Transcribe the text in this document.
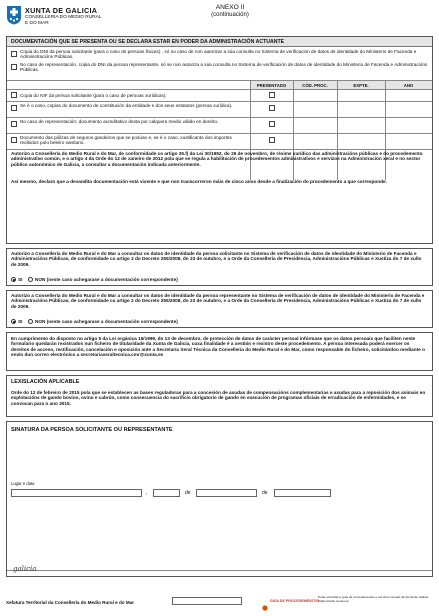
XUNTA DE GALICIA
CONSELLERÍA DO MEDIO RURAL
E DO MAR
ANEXO II
(continuación)
DOCUMENTACIÓN QUE SE PRESENTA OU SE DECLARA ESTAR EN PODER DA ADMINISTRACIÓN ACTUANTE
Copia do DNI da persoa solicitante (para o caso de persoas físicas) , só no caso de non autorizar a súa consulta no Sistema de verificación de datos de identidade do Ministerio de Facenda e Administracións Públicas.
No caso de representación, copia do DNI da persoa representante, só se non autoriza a súa consulta no Sistema de verificación de datos de identidade do Ministerio de Facenda e Administracións Públicas.
PRESENTADO	CÓD. PROC.	EXPTE.	ANO
Copia do NIF da persoa solicitante (para o caso de persoas xurídicas).
Se é o caso, copias do documento de constitución da entidade e dos seus estatutos (persoa xurídica).
No caso de representación: documento acreditativo desta por calquera medio válido en dereito.
Documento das pólizas de seguros gandeiros que se posúan e, se é o caso, xustificante dos importes recibidos polo beleiro sanitario.
Autorizo a Consellería do Medio Rural e do Mar, de conformidade co artigo 35.f) da Lei 30/1992, do 26 de novembro, de réxime xurídico das administracións públicas e do procedemento administrativo común, e o artigo 4 da Orde do 12 de xaneiro de 2012 pola que se regula a habilitación de procedementos administrativos e servizos na Administración xeral e no sector público autonómico de Galicia, a consultar a documentación indicada anteriormente.
Así mesmo, declaro que a devandita documentación está vixente e que non transcorreron máis de cinco anos desde a finalización do procedemento a que corresponde.
Autorizo a Consellería do Medio Rural e do Mar a consultar os datos de identidade da persoa solicitante no Sistema de verificación de datos de identidade do Ministerio de Facenda e Administracións Públicas, de conformidade co artigo 2 do Decreto 255/2008, do 23 de outubro, e a Orde da Consellería de Presidencia, Administracións Públicas e Xustiza do 7 de xullo de 2009.
SI	NON (neste caso achegarase a documentación correspondente)
Autorizo a Consellería do Medio Rural e do Mar a consultar os datos de identidade da persoa representante no Sistema de verificación de datos de identidade do Ministerio de Facenda e Administracións Públicas, de conformidade co artigo 2 do Decreto 255/2008, do 23 de outubro, e a Orde da Consellería de Presidencia, Administracións Públicas e Xustiza do 7 de xullo de 2009.
SI	NON (neste caso achegarase a documentación correspondente)
En cumprimento do disposto no artigo 5 da Lei orgánica 15/1999, do 13 de decembro, de protección de datos de carácter persoal infórmase que os datos persoais que faciliten neste formulario quedarán rexistrados nun ficheiro de titularidade da Xunta de Galicia, cuxa finalidade é a xestión e rexistro deste procedemento. A persoa interesada poderá exercer os dereitos de acceso, rectificación, cancelación e oposición ante a Secretaría Xeral Técnica da Consellería do Medio Rural e do Mar, como responsable do ficheiro, solicitándoo mediante o envío dun correo electrónico a secretariaxeraltecnica.cmr@xunta.es
LEXISLACIÓN APLICABLE
Orde do 12 de febreiro de 2015 pola que se establecen as bases reguladoras para a concesión de axudas de compensacións complementarias e axudas para a reposición dos animais en explotacións de gando bovino, ovino e cabrún, como consecuencia do sacrificio obrigatorio de gando en execución de programas oficiais de erradicación de enfermidades, e se convocan para o ano 2015.
SINATURA DA PERSOA SOLICITANTE OU REPRESENTANTE
Lugar e data
,	de	de
galicia
Xefatura Territorial da Consellería do Medio Rural e do Mar	GUÍA DE PROCEDEMENTOS
Pode consultar a guía de procedementos e servizos na web da Xunta de Galicia (https://sede.xunta.es)
